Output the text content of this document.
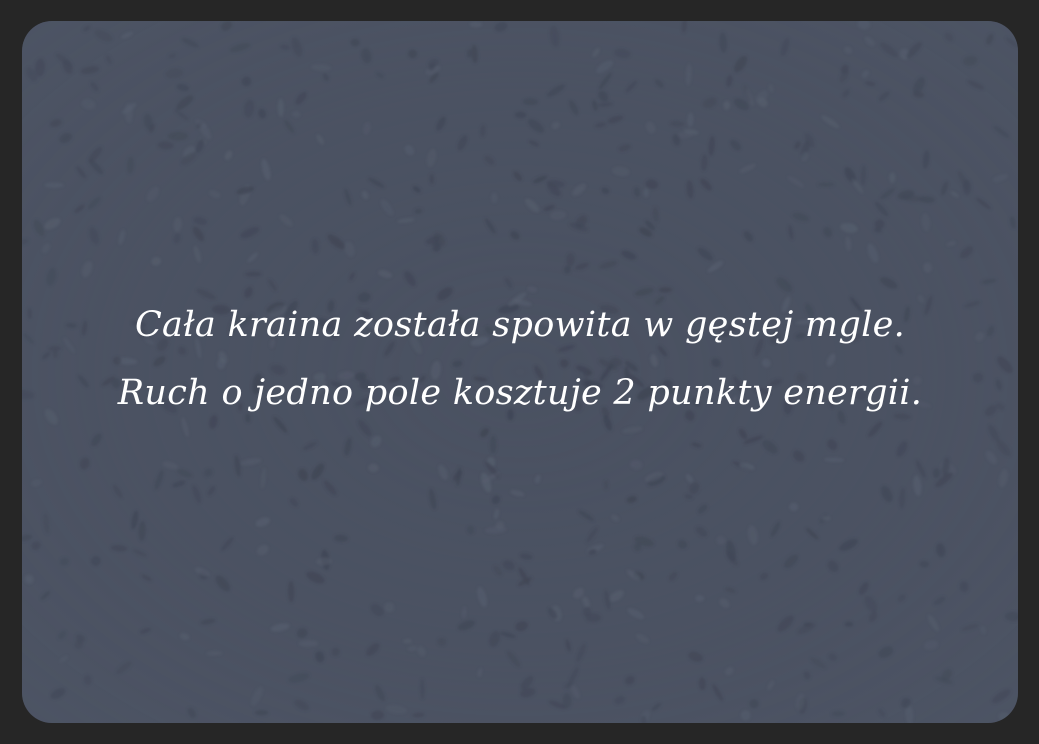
Cała kraina została spowita w gęstej mgle.
Ruch o jedno pole kosztuje 2 punkty energii.
